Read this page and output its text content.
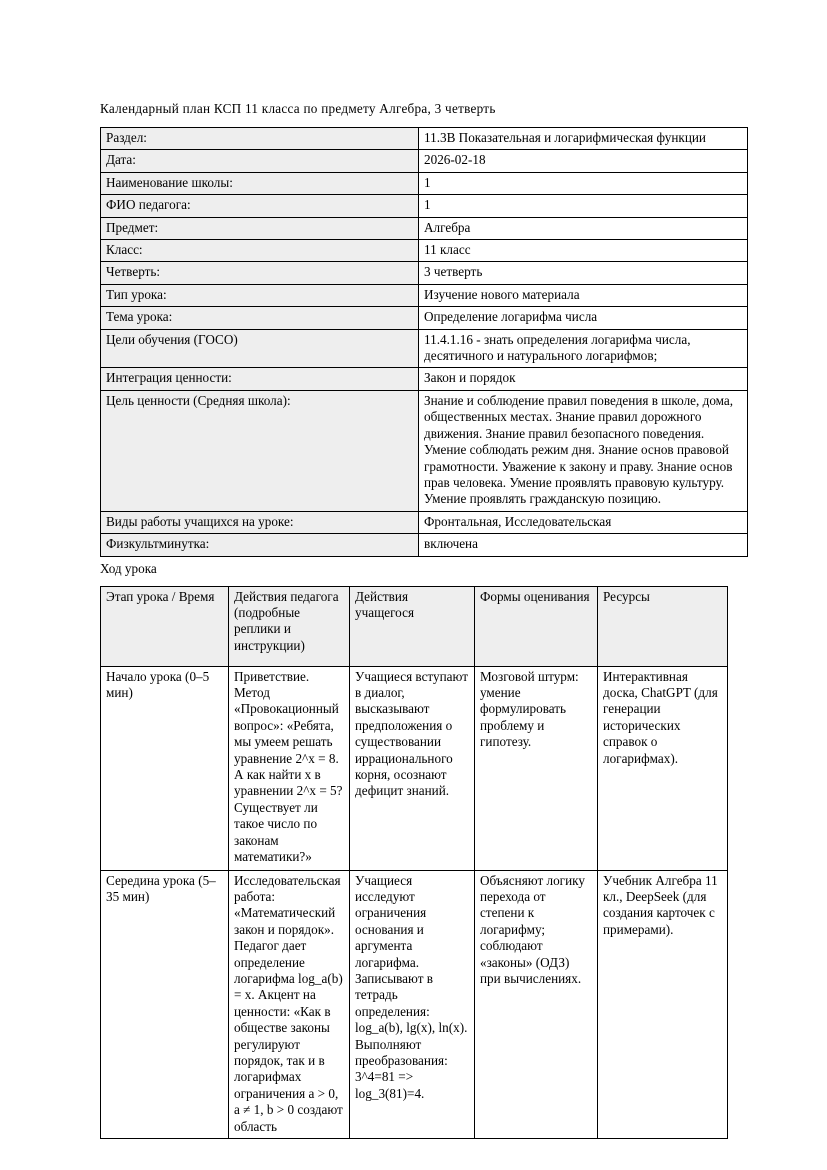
Календарный план КСП 11 класса по предмету Алгебра, 3 четверть

Раздел:	11.3В Показательная и логарифмическая функции
Дата:	2026-02-18
Наименование школы:	1
ФИО педагога:	1
Предмет:	Алгебра
Класс:	11 класс
Четверть:	3 четверть
Тип урока:	Изучение нового материала
Тема урока:	Определение логарифма числа
Цели обучения (ГОСО)	11.4.1.16 - знать определения логарифма числа, десятичного и натурального логарифмов;
Интеграция ценности:	Закон и порядок
Цель ценности (Средняя школа):	Знание и соблюдение правил поведения в школе, дома, общественных местах. Знание правил дорожного движения. Знание правил безопасного поведения. Умение соблюдать режим дня. Знание основ правовой грамотности. Уважение к закону и праву. Знание основ прав человека. Умение проявлять правовую культуру. Умение проявлять гражданскую позицию.
Виды работы учащихся на уроке:	Фронтальная, Исследовательская
Физкультминутка:	включена

Ход урока

Этап урока / Время	Действия педагога (подробные реплики и инструкции)	Действия учащегося	Формы оценивания	Ресурсы
Начало урока (0–5 мин)	Приветствие. Метод «Провокационный вопрос»: «Ребята, мы умеем решать уравнение 2^x = 8. А как найти x в уравнении 2^x = 5? Существует ли такое число по законам математики?»	Учащиеся вступают в диалог, высказывают предположения о существовании иррационального корня, осознают дефицит знаний.	Мозговой штурм: умение формулировать проблему и гипотезу.	Интерактивная доска, ChatGPT (для генерации исторических справок о логарифмах).
Середина урока (5–35 мин)	Исследовательская работа: «Математический закон и порядок». Педагог дает определение логарифма log_a(b) = x. Акцент на ценности: «Как в обществе законы регулируют порядок, так и в логарифмах ограничения a > 0, a ≠ 1, b > 0 создают область	Учащиеся исследуют ограничения основания и аргумента логарифма. Записывают в тетрадь определения: log_a(b), lg(x), ln(x). Выполняют преобразования: 3^4=81 => log_3(81)=4.	Объясняют логику перехода от степени к логарифму; соблюдают «законы» (ОДЗ) при вычислениях.	Учебник Алгебра 11 кл., DeepSeek (для создания карточек с примерами).
